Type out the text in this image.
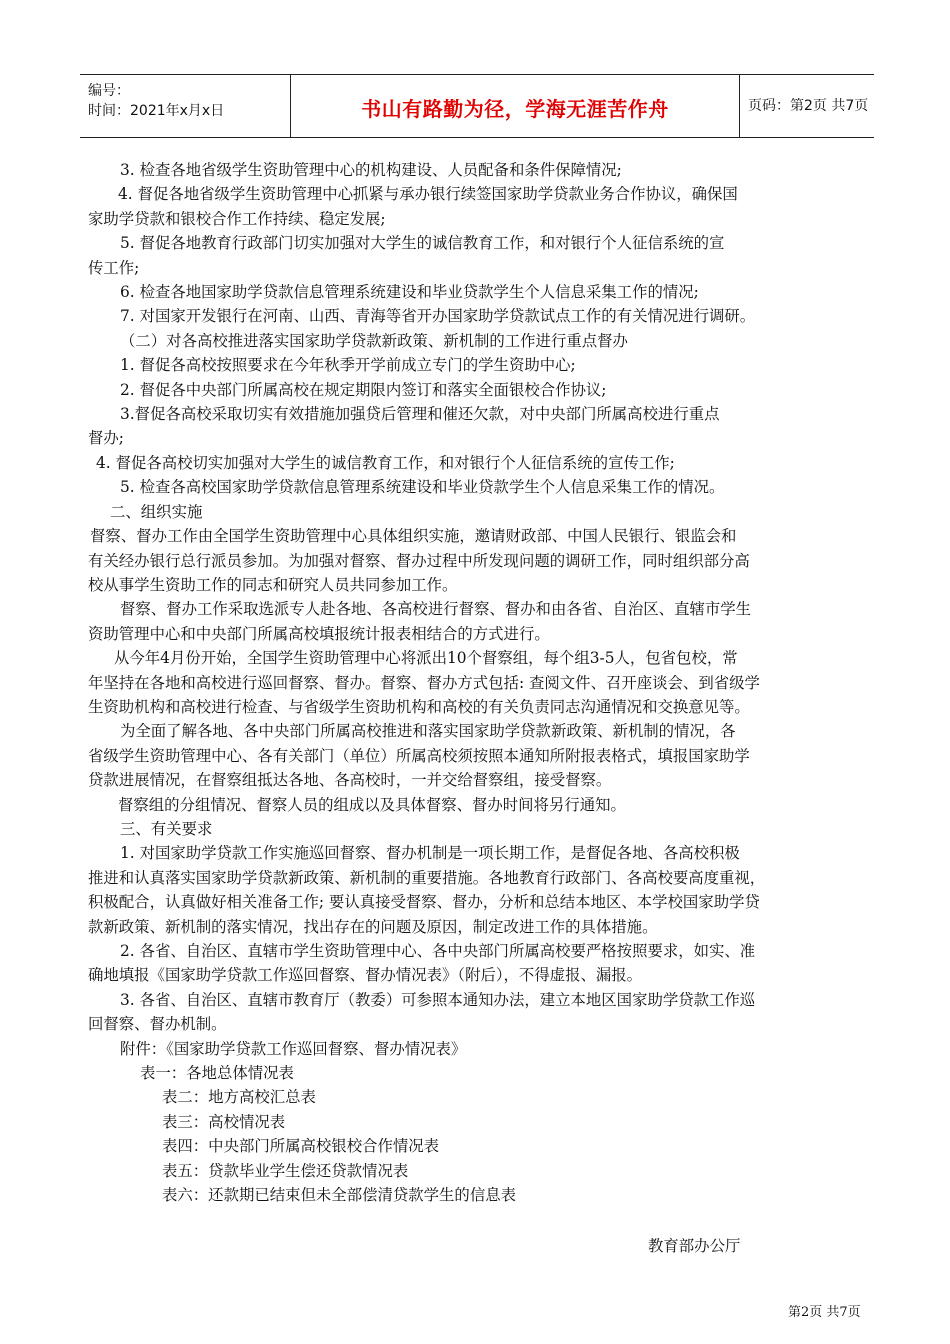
编号：
时间：2021年x月x日	书山有路勤为径，学海无涯苦作舟	页码：第2页 共7页

3. 检查各地省级学生资助管理中心的机构建设、人员配备和条件保障情况;

4. 督促各地省级学生资助管理中心抓紧与承办银行续签国家助学贷款业务合作协议，确保国

家助学贷款和银校合作工作持续、稳定发展;

5. 督促各地教育行政部门切实加强对大学生的诚信教育工作，和对银行个人征信系统的宣

传工作;

6. 检查各地国家助学贷款信息管理系统建设和毕业贷款学生个人信息采集工作的情况;

7. 对国家开发银行在河南、山西、青海等省开办国家助学贷款试点工作的有关情况进行调研。

（二）对各高校推进落实国家助学贷款新政策、新机制的工作进行重点督办

1. 督促各高校按照要求在今年秋季开学前成立专门的学生资助中心;

2. 督促各中央部门所属高校在规定期限内签订和落实全面银校合作协议;

3.督促各高校采取切实有效措施加强贷后管理和催还欠款，对中央部门所属高校进行重点

督办;

4. 督促各高校切实加强对大学生的诚信教育工作，和对银行个人征信系统的宣传工作;

5. 检查各高校国家助学贷款信息管理系统建设和毕业贷款学生个人信息采集工作的情况。

二、组织实施

督察、督办工作由全国学生资助管理中心具体组织实施，邀请财政部、中国人民银行、银监会和

有关经办银行总行派员参加。为加强对督察、督办过程中所发现问题的调研工作，同时组织部分高

校从事学生资助工作的同志和研究人员共同参加工作。

督察、督办工作采取选派专人赴各地、各高校进行督察、督办和由各省、自治区、直辖市学生

资助管理中心和中央部门所属高校填报统计报表相结合的方式进行。

从今年4月份开始，全国学生资助管理中心将派出10个督察组，每个组3-5人，包省包校，常

年坚持在各地和高校进行巡回督察、督办。督察、督办方式包括: 查阅文件、召开座谈会、到省级学

生资助机构和高校进行检查、与省级学生资助机构和高校的有关负责同志沟通情况和交换意见等。

为全面了解各地、各中央部门所属高校推进和落实国家助学贷款新政策、新机制的情况，各

省级学生资助管理中心、各有关部门（单位）所属高校须按照本通知所附报表格式，填报国家助学

贷款进展情况，在督察组抵达各地、各高校时，一并交给督察组，接受督察。

督察组的分组情况、督察人员的组成以及具体督察、督办时间将另行通知。

三、有关要求

1. 对国家助学贷款工作实施巡回督察、督办机制是一项长期工作，是督促各地、各高校积极

推进和认真落实国家助学贷款新政策、新机制的重要措施。各地教育行政部门、各高校要高度重视，

积极配合，认真做好相关准备工作; 要认真接受督察、督办，分析和总结本地区、本学校国家助学贷

款新政策、新机制的落实情况，找出存在的问题及原因，制定改进工作的具体措施。

2. 各省、自治区、直辖市学生资助管理中心、各中央部门所属高校要严格按照要求，如实、准

确地填报《国家助学贷款工作巡回督察、督办情况表》（附后），不得虚报、漏报。

3. 各省、自治区、直辖市教育厅（教委）可参照本通知办法，建立本地区国家助学贷款工作巡

回督察、督办机制。

附件：《国家助学贷款工作巡回督察、督办情况表》

表一：各地总体情况表

表二：地方高校汇总表

表三：高校情况表

表四：中央部门所属高校银校合作情况表

表五：贷款毕业学生偿还贷款情况表

表六：还款期已结束但未全部偿清贷款学生的信息表

教育部办公厅
第2页 共7页
